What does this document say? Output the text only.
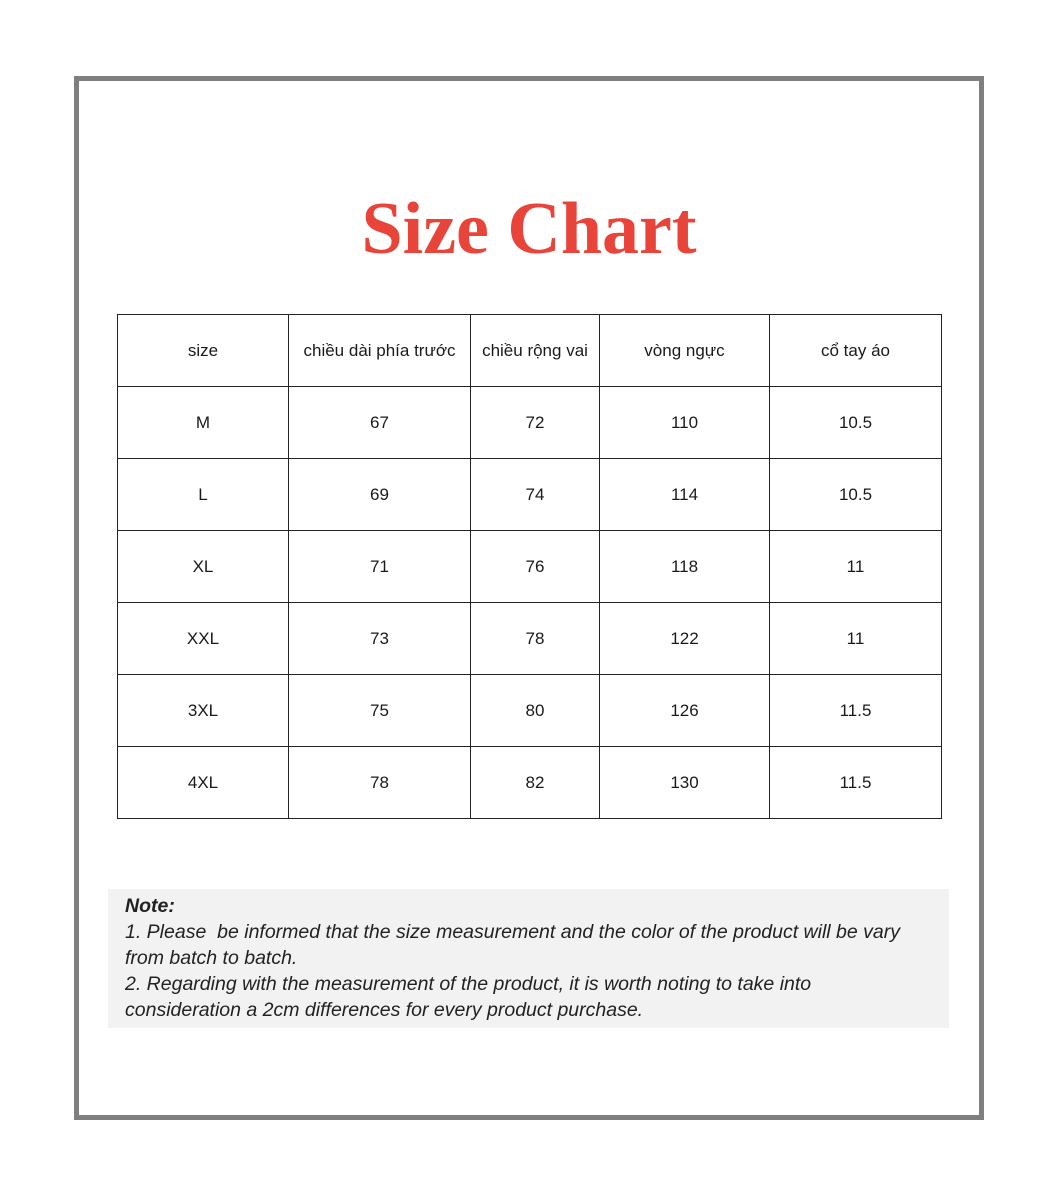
Size Chart
size	chiều dài phía trước	chiều rộng vai	vòng ngực	cổ tay áo
M	67	72	110	10.5
L	69	74	114	10.5
XL	71	76	118	11
XXL	73	78	122	11
3XL	75	80	126	11.5
4XL	78	82	130	11.5
Note:
1. Please  be informed that the size measurement and the color of the product will be vary from batch to batch.
2. Regarding with the measurement of the product, it is worth noting to take into consideration a 2cm differences for every product purchase.
